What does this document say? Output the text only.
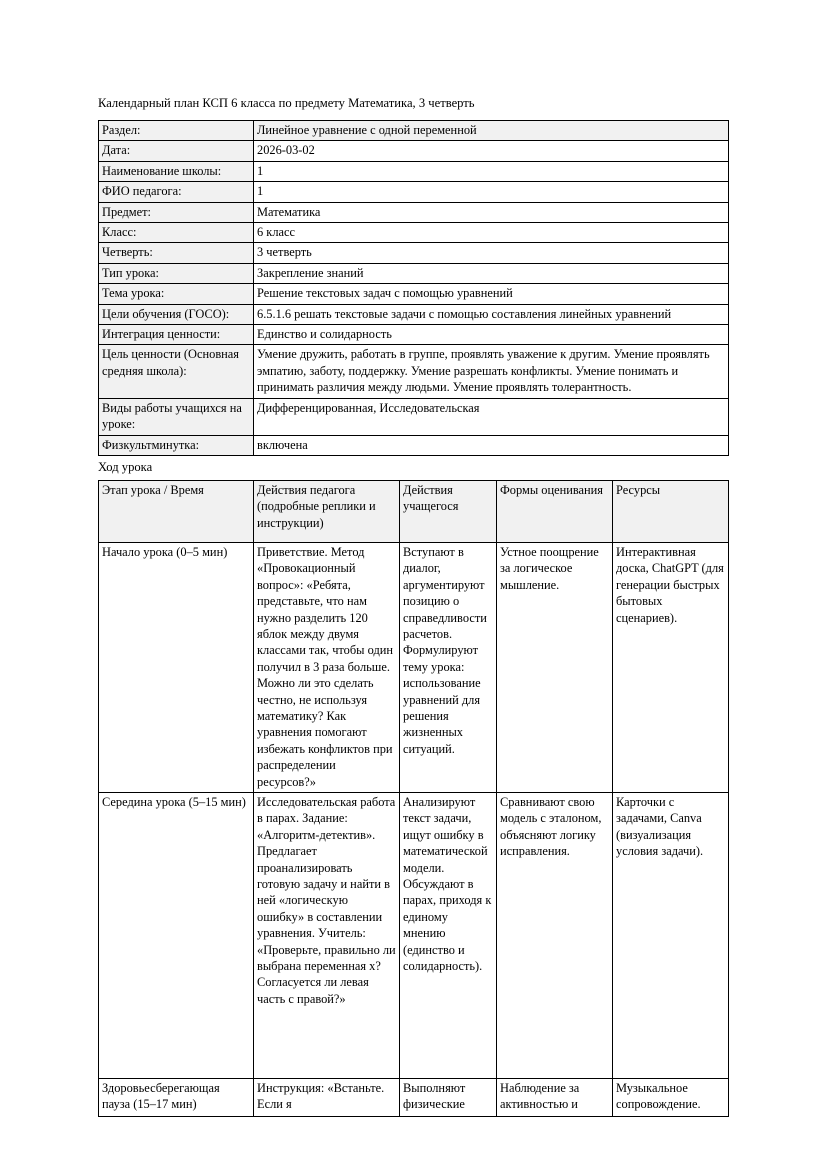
Календарный план КСП 6 класса по предмету Математика, 3 четверть
Раздел:	Линейное уравнение с одной переменной
Дата:	2026-03-02
Наименование школы:	1
ФИО педагога:	1
Предмет:	Математика
Класс:	6 класс
Четверть:	3 четверть
Тип урока:	Закрепление знаний
Тема урока:	Решение текстовых задач с помощью уравнений
Цели обучения (ГОСО):	6.5.1.6 решать текстовые задачи с помощью составления линейных уравнений
Интеграция ценности:	Единство и солидарность
Цель ценности (Основная средняя школа):	Умение дружить, работать в группе, проявлять уважение к другим. Умение проявлять эмпатию, заботу, поддержку. Умение разрешать конфликты. Умение понимать и принимать различия между людьми. Умение проявлять толерантность.
Виды работы учащихся на уроке:	Дифференцированная, Исследовательская
Физкультминутка:	включена
Ход урока
Этап урока / Время	Действия педагога (подробные реплики и инструкции)	Действия учащегося	Формы оценивания	Ресурсы
Начало урока (0–5 мин)	Приветствие. Метод «Провокационный вопрос»: «Ребята, представьте, что нам нужно разделить 120 яблок между двумя классами так, чтобы один получил в 3 раза больше. Можно ли это сделать честно, не используя математику? Как уравнения помогают избежать конфликтов при распределении ресурсов?»	Вступают в диалог, аргументируют позицию о справедливости расчетов. Формулируют тему урока: использование уравнений для решения жизненных ситуаций.	Устное поощрение за логическое мышление.	Интерактивная доска, ChatGPT (для генерации быстрых бытовых сценариев).
Середина урока (5–15 мин)	Исследовательская работа в парах. Задание: «Алгоритм-детектив». Предлагает проанализировать готовую задачу и найти в ней «логическую ошибку» в составлении уравнения. Учитель: «Проверьте, правильно ли выбрана переменная x? Согласуется ли левая часть с правой?»	Анализируют текст задачи, ищут ошибку в математической модели. Обсуждают в парах, приходя к единому мнению (единство и солидарность).	Сравнивают свою модель с эталоном, объясняют логику исправления.	Карточки с задачами, Canva (визуализация условия задачи).
Здоровьесберегающая пауза (15–17 мин)	Инструкция: «Встаньте. Если я	Выполняют физические	Наблюдение за активностью и	Музыкальное сопровождение.
